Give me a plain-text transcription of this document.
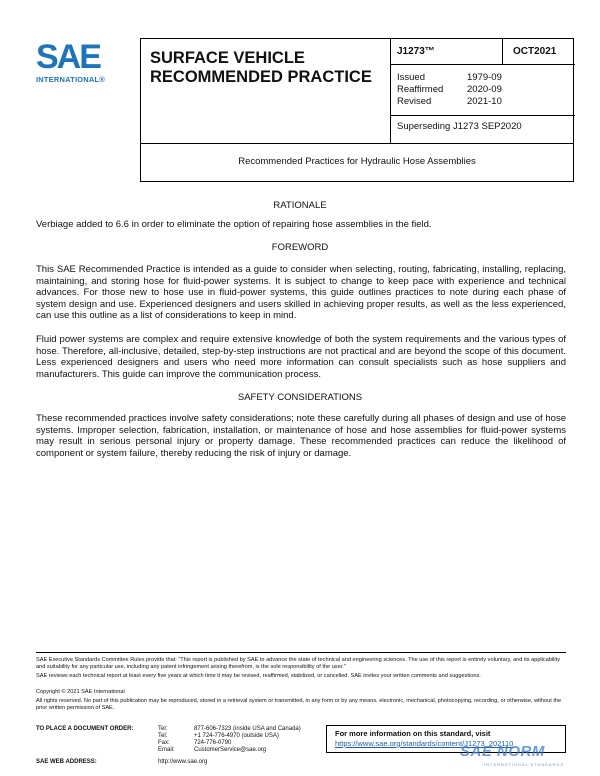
SAE
INTERNATIONAL®
SURFACE VEHICLE
RECOMMENDED PRACTICE
J1273™	OCT2021
Issued	1979-09
Reaffirmed	2020-09
Revised	2021-10
Superseding J1273 SEP2020
Recommended Practices for Hydraulic Hose Assemblies
RATIONALE
Verbiage added to 6.6 in order to eliminate the option of repairing hose assemblies in the field.
FOREWORD
This SAE Recommended Practice is intended as a guide to consider when selecting, routing, fabricating, installing, replacing, maintaining, and storing hose for fluid-power systems. It is subject to change to keep pace with experience and technical advances. For those new to hose use in fluid-power systems, this guide outlines practices to note during each phase of system design and use. Experienced designers and users skilled in achieving proper results, as well as the less experienced, can use this outline as a list of considerations to keep in mind.
Fluid power systems are complex and require extensive knowledge of both the system requirements and the various types of hose. Therefore, all-inclusive, detailed, step-by-step instructions are not practical and are beyond the scope of this document. Less experienced designers and users who need more information can consult specialists such as hose suppliers and manufacturers. This guide can improve the communication process.
SAFETY CONSIDERATIONS
These recommended practices involve safety considerations; note these carefully during all phases of design and use of hose systems. Improper selection, fabrication, installation, or maintenance of hose and hose assemblies for fluid-power systems may result in serious personal injury or property damage. These recommended practices can reduce the likelihood of component or system failure, thereby reducing the risk of injury or damage.
SAE Executive Standards Committee Rules provide that: “This report is published by SAE to advance the state of technical and engineering sciences. The use of this report is entirely voluntary, and its applicability and suitability for any particular use, including any patent infringement arising therefrom, is the sole responsibility of the user.”
SAE reviews each technical report at least every five years at which time it may be revised, reaffirmed, stabilized, or cancelled. SAE invites your written comments and suggestions.
Copyright © 2021 SAE International
All rights reserved. No part of this publication may be reproduced, stored in a retrieval system or transmitted, in any form or by any means, electronic, mechanical, photocopying, recording, or otherwise, without the prior written permission of SAE.
TO PLACE A DOCUMENT ORDER:	Tel:	877-606-7323 (inside USA and Canada)
Tel:	+1 724-776-4970 (outside USA)
Fax:	724-776-0790
Email:	CustomerService@sae.org
SAE WEB ADDRESS:	http://www.sae.org
For more information on this standard, visit
https://www.sae.org/standards/content/J1273_202110
SAE NORM
INTERNATIONAL STANDARDS
